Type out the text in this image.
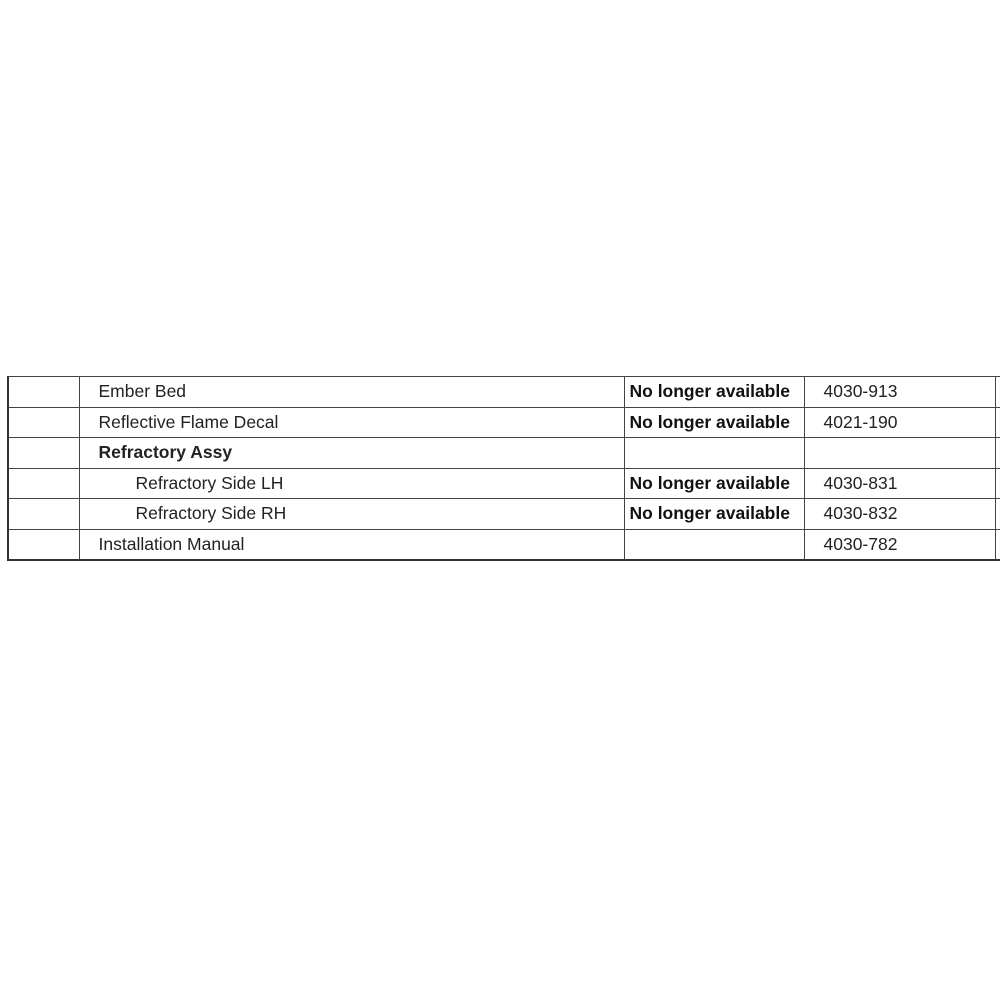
	Ember Bed	No longer available	4030-913	
	Reflective Flame Decal	No longer available	4021-190	
	Refractory Assy			
	Refractory Side LH	No longer available	4030-831	
	Refractory Side RH	No longer available	4030-832	
	Installation Manual		4030-782	
